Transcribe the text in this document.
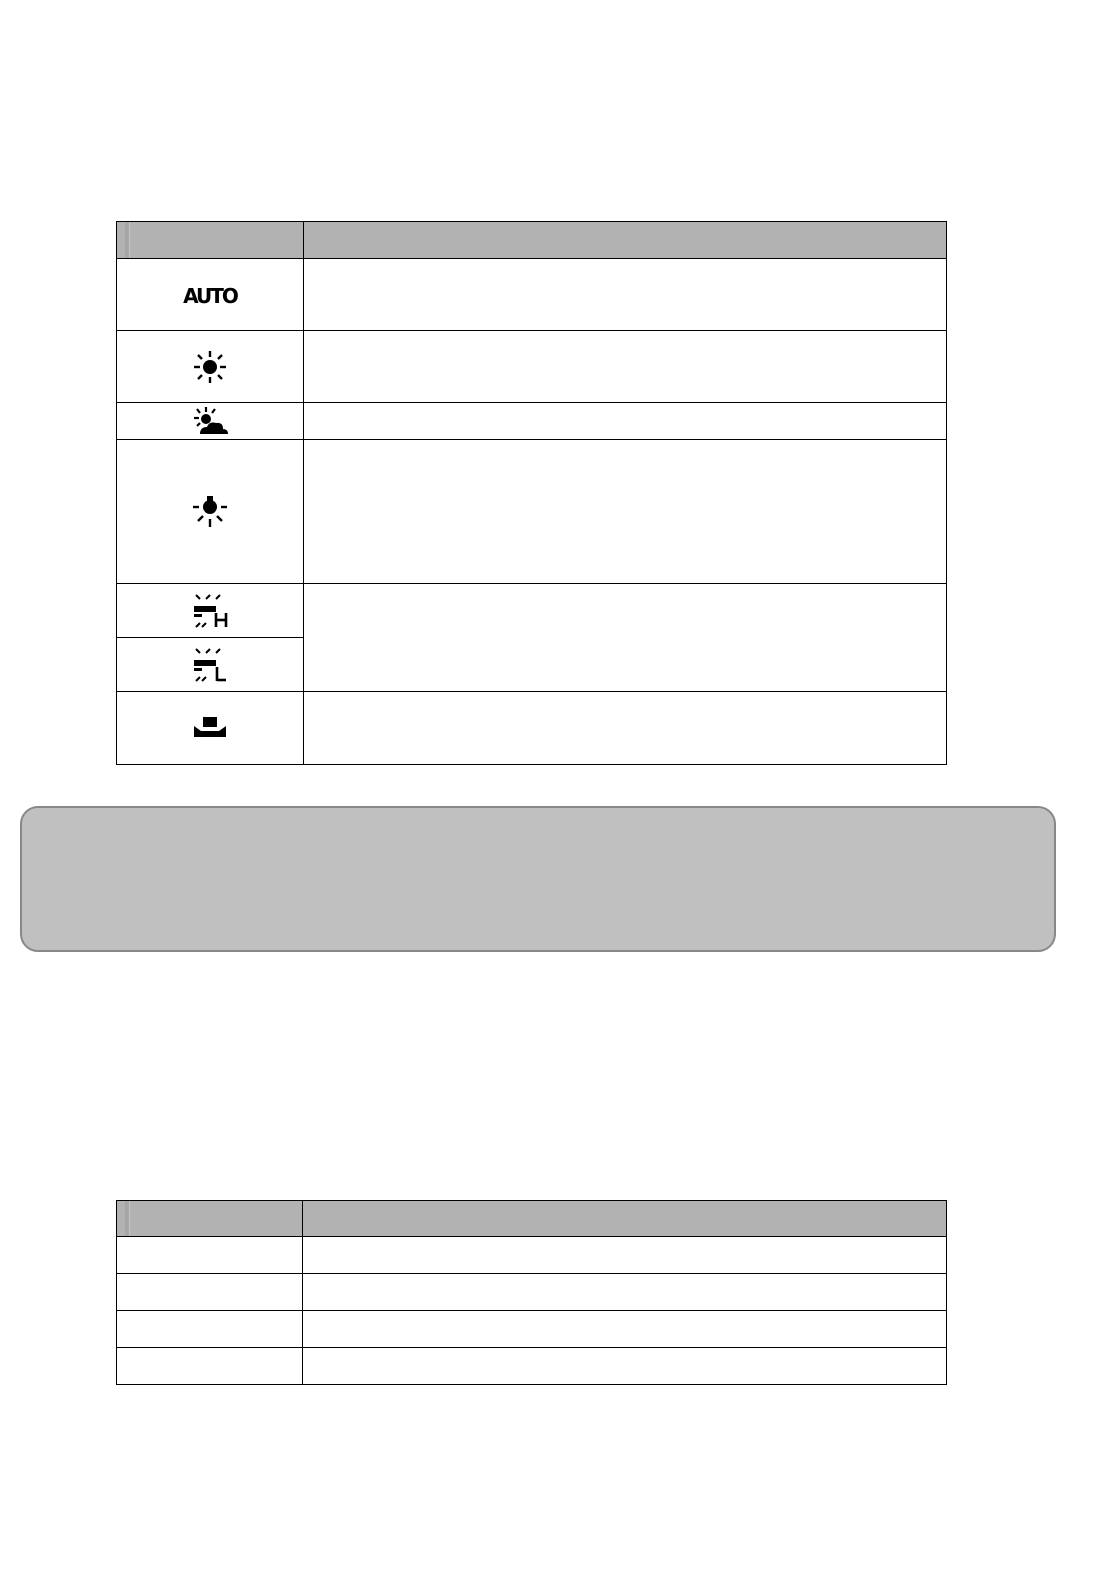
AUTO	
